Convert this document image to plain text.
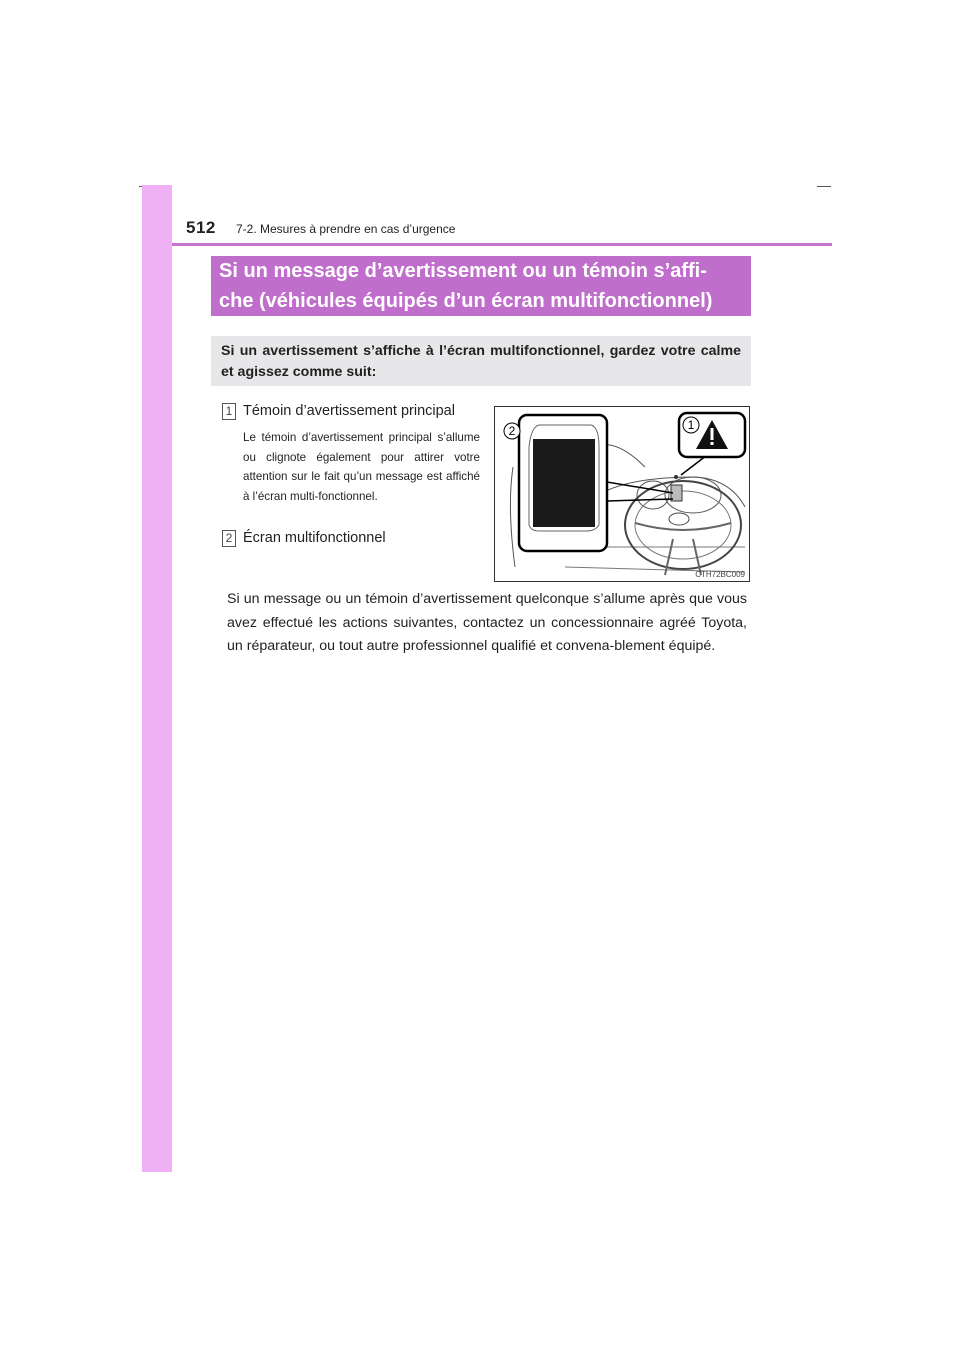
512 7-2. Mesures à prendre en cas d’urgence
Si un message d’avertissement ou un témoin s’affi-
che (véhicules équipés d’un écran multifonctionnel)
Si un avertissement s’affiche à l’écran multifonctionnel, gardez votre calme et agissez comme suit:
1 Témoin d’avertissement principal
Le témoin d’avertissement principal s’allume ou clignote également pour attirer votre attention sur le fait qu’un message est affiché à l’écran multi-fonctionnel.
2 Écran multifonctionnel
2	1
CTH72BC009
Si un message ou un témoin d’avertissement quelconque s’allume après que vous avez effectué les actions suivantes, contactez un concessionnaire agréé Toyota, un réparateur, ou tout autre professionnel qualifié et convena-blement équipé.
